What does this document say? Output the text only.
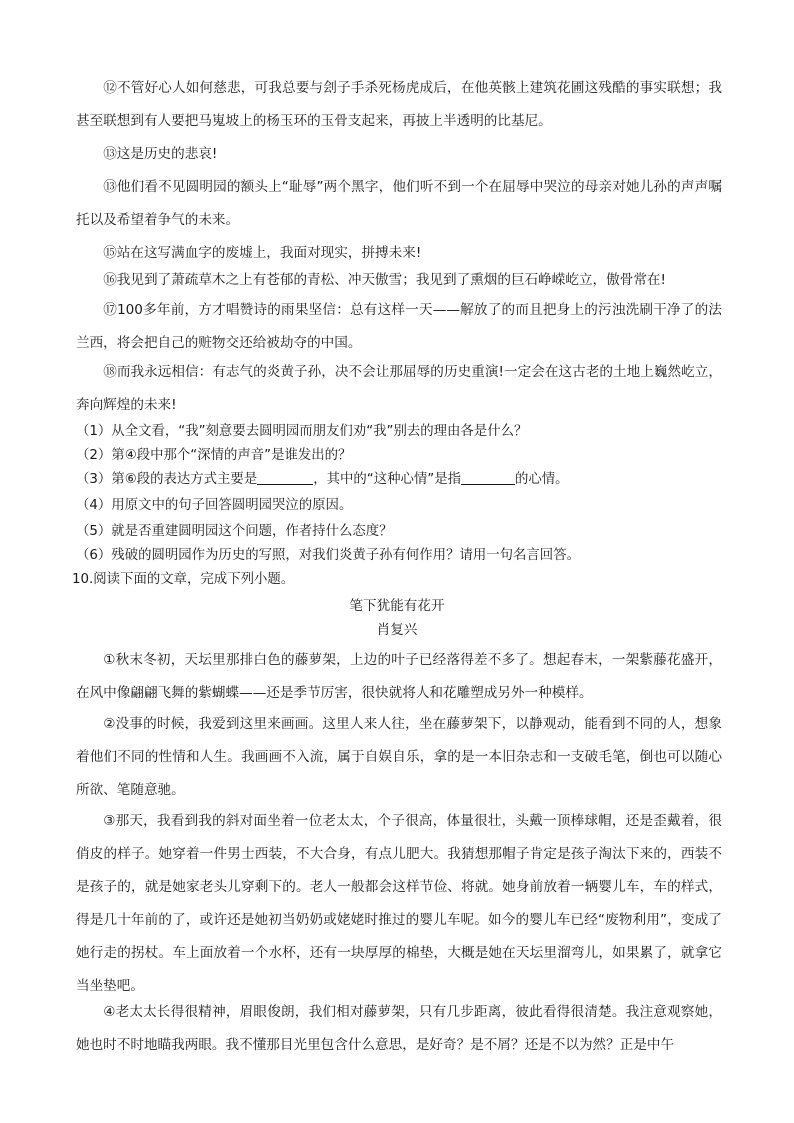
⑫不管好心人如何慈悲，可我总要与刽子手杀死杨虎成后，在他英骸上建筑花圃这残酷的事实联想；我甚至联想到有人要把马嵬坡上的杨玉环的玉骨支起来，再披上半透明的比基尼。

⑬这是历史的悲哀!

⑬他们看不见圆明园的额头上“耻辱”两个黑字，他们听不到一个在屈辱中哭泣的母亲对她儿孙的声声嘱托以及希望着争气的未来。

⑮站在这写满血字的废墟上，我面对现实，拼搏未来!

⑯我见到了萧疏草木之上有苍郁的青松、冲天傲雪；我见到了熏烟的巨石峥嵘屹立，傲骨常在!

⑰100多年前，方才唱赞诗的雨果坚信：总有这样一天——解放了的而且把身上的污浊洗刷干净了的法兰西，将会把自己的赃物交还给被劫夺的中国。

⑱而我永远相信：有志气的炎黄子孙，决不会让那屈辱的历史重演!一定会在这古老的土地上巍然屹立，奔向辉煌的未来!

（1）从全文看，“我”刻意要去圆明园而朋友们劝“我”别去的理由各是什么？

（2）第④段中那个“深情的声音”是谁发出的？

（3）第⑥段的表达方式主要是	，其中的“这种心情”是指	的心情。

（4）用原文中的句子回答圆明园哭泣的原因。

（5）就是否重建圆明园这个问题，作者持什么态度？

（6）残破的圆明园作为历史的写照，对我们炎黄子孙有何作用？请用一句名言回答。

10.阅读下面的文章，完成下列小题。

笔下犹能有花开

肖复兴

①秋末冬初，天坛里那排白色的藤萝架，上边的叶子已经落得差不多了。想起春末，一架紫藤花盛开，在风中像翩翩飞舞的紫蝴蝶——还是季节厉害，很快就将人和花雕塑成另外一种模样。

②没事的时候，我爱到这里来画画。这里人来人往，坐在藤萝架下，以静观动，能看到不同的人，想象着他们不同的性情和人生。我画画不入流，属于自娱自乐，拿的是一本旧杂志和一支破毛笔，倒也可以随心所欲、笔随意驰。

③那天，我看到我的斜对面坐着一位老太太，个子很高，体量很壮，头戴一顶棒球帽，还是歪戴着，很俏皮的样子。她穿着一件男士西装，不大合身，有点儿肥大。我猜想那帽子肯定是孩子淘汰下来的，西装不是孩子的，就是她家老头儿穿剩下的。老人一般都会这样节俭、将就。她身前放着一辆婴儿车，车的样式，得是几十年前的了，或许还是她初当奶奶或姥姥时推过的婴儿车呢。如今的婴儿车已经“废物利用”，变成了她行走的拐杖。车上面放着一个水杯，还有一块厚厚的棉垫，大概是她在天坛里溜弯儿，如果累了，就拿它当坐垫吧。

④老太太长得很精神，眉眼俊朗，我们相对藤萝架，只有几步距离，彼此看得很清楚。我注意观察她，她也时不时地瞄我两眼。我不懂那目光里包含什么意思，是好奇？是不屑？还是不以为然？正是中午
